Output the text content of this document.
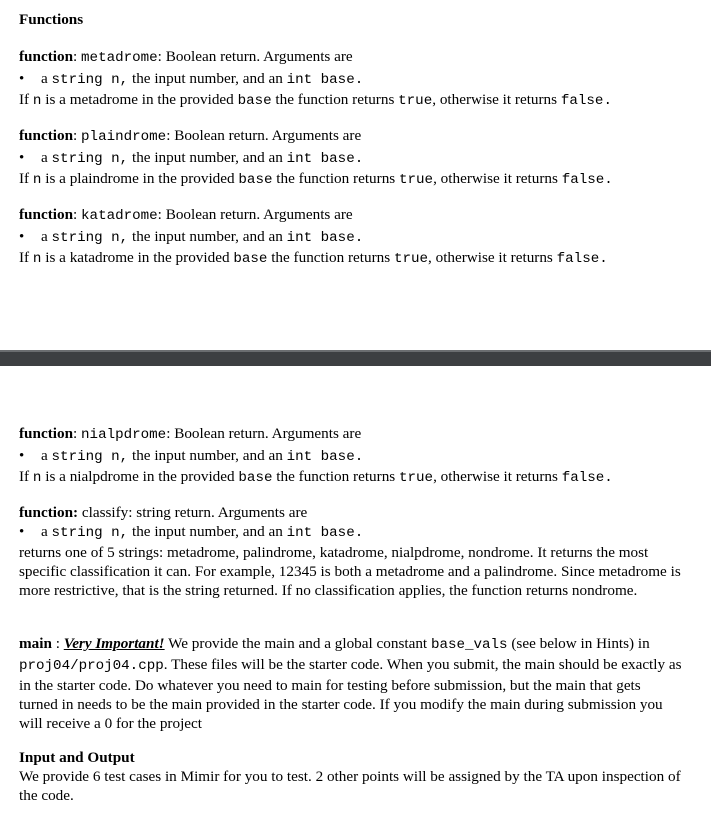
Functions
function: metadrome: Boolean return. Arguments are
• a string n, the input number, and an int base.
If n is a metadrome in the provided base the function returns true, otherwise it returns false.
function: plaindrome: Boolean return. Arguments are
• a string n, the input number, and an int base.
If n is a plaindrome in the provided base the function returns true, otherwise it returns false.
function: katadrome: Boolean return. Arguments are
• a string n, the input number, and an int base.
If n is a katadrome in the provided base the function returns true, otherwise it returns false.
function: nialpdrome: Boolean return. Arguments are
• a string n, the input number, and an int base.
If n is a nialpdrome in the provided base the function returns true, otherwise it returns false.
function: classify: string return. Arguments are
• a string n, the input number, and an int base.
returns one of 5 strings: metadrome, palindrome, katadrome, nialpdrome, nondrome. It returns the most specific classification it can. For example, 12345 is both a metadrome and a palindrome. Since metadrome is more restrictive, that is the string returned. If no classification applies, the function returns nondrome.
main : Very Important! We provide the main and a global constant base_vals (see below in Hints) in proj04/proj04.cpp. These files will be the starter code. When you submit, the main should be exactly as in the starter code. Do whatever you need to main for testing before submission, but the main that gets turned in needs to be the main provided in the starter code. If you modify the main during submission you will receive a 0 for the project
Input and Output
We provide 6 test cases in Mimir for you to test. 2 other points will be assigned by the TA upon inspection of the code.
